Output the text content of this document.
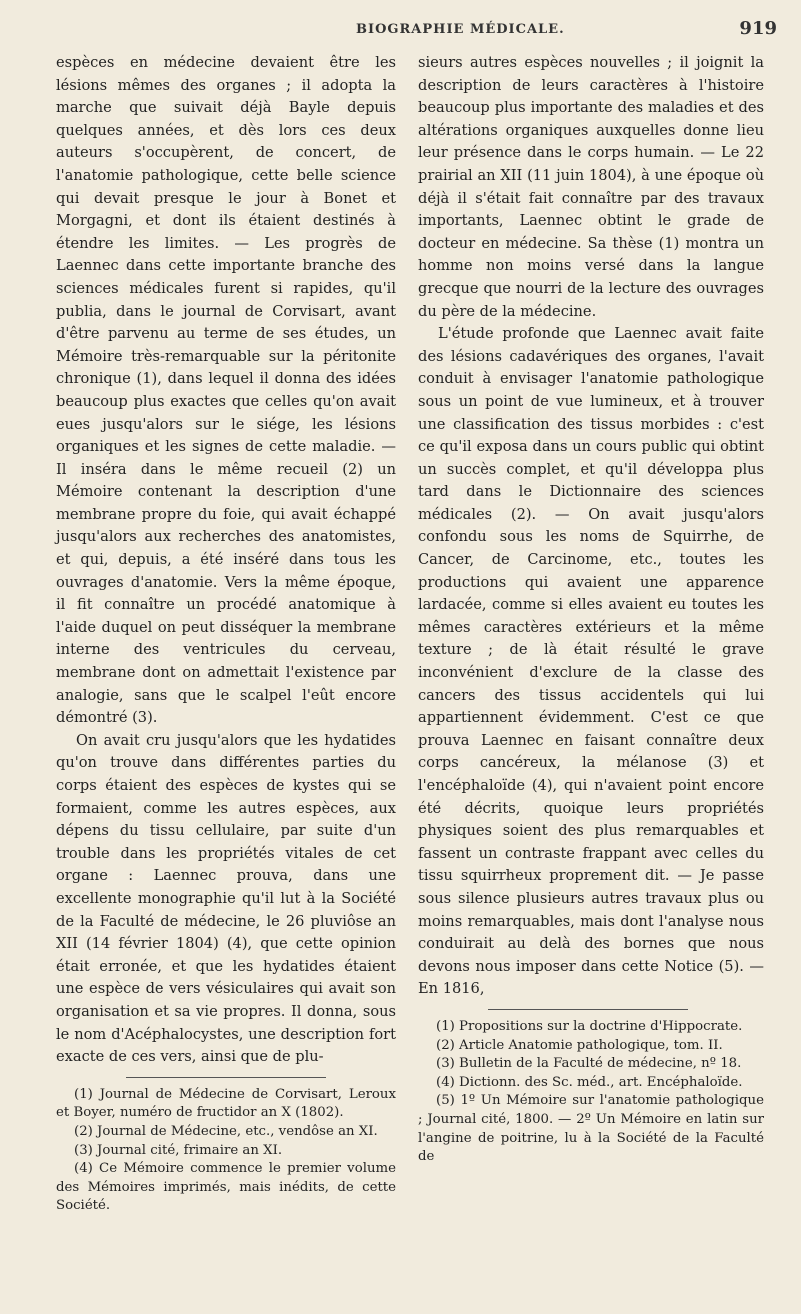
BIOGRAPHIE MÉDICALE.	919

espèces en médecine devaient être les lésions mêmes des organes ; il adopta la marche que suivait déjà Bayle depuis quelques années, et dès lors ces deux auteurs s'occupèrent, de concert, de l'anatomie pathologique, cette belle science qui devait presque le jour à Bonet et Morgagni, et dont ils étaient destinés à étendre les limites. — Les progrès de Laennec dans cette importante branche des sciences médicales furent si rapides, qu'il publia, dans le journal de Corvisart, avant d'être parvenu au terme de ses études, un Mémoire très-remarquable sur la péritonite chronique (1), dans lequel il donna des idées beaucoup plus exactes que celles qu'on avait eues jusqu'alors sur le siége, les lésions organiques et les signes de cette maladie. — Il inséra dans le même recueil (2) un Mémoire contenant la description d'une membrane propre du foie, qui avait échappé jusqu'alors aux recherches des anatomistes, et qui, depuis, a été inséré dans tous les ouvrages d'anatomie. Vers la même époque, il fit connaître un procédé anatomique à l'aide duquel on peut disséquer la membrane interne des ventricules du cerveau, membrane dont on admettait l'existence par analogie, sans que le scalpel l'eût encore démontré (3).

On avait cru jusqu'alors que les hydatides qu'on trouve dans différentes parties du corps étaient des espèces de kystes qui se formaient, comme les autres espèces, aux dépens du tissu cellulaire, par suite d'un trouble dans les propriétés vitales de cet organe : Laennec prouva, dans une excellente monographie qu'il lut à la Société de la Faculté de médecine, le 26 pluviôse an XII (14 février 1804) (4), que cette opinion était erronée, et que les hydatides étaient une espèce de vers vésiculaires qui avait son organisation et sa vie propres. Il donna, sous le nom d'Acéphalocystes, une description fort exacte de ces vers, ainsi que de plu-

(1) Journal de Médecine de Corvisart, Leroux et Boyer, numéro de fructidor an X (1802).

(2) Journal de Médecine, etc., vendôse an XI.

(3) Journal cité, frimaire an XI.

(4) Ce Mémoire commence le premier volume des Mémoires imprimés, mais inédits, de cette Société.

sieurs autres espèces nouvelles ; il joignit la description de leurs caractères à l'histoire beaucoup plus importante des maladies et des altérations organiques auxquelles donne lieu leur présence dans le corps humain. — Le 22 prairial an XII (11 juin 1804), à une époque où déjà il s'était fait connaître par des travaux importants, Laennec obtint le grade de docteur en médecine. Sa thèse (1) montra un homme non moins versé dans la langue grecque que nourri de la lecture des ouvrages du père de la médecine.

L'étude profonde que Laennec avait faite des lésions cadavériques des organes, l'avait conduit à envisager l'anatomie pathologique sous un point de vue lumineux, et à trouver une classification des tissus morbides : c'est ce qu'il exposa dans un cours public qui obtint un succès complet, et qu'il développa plus tard dans le Dictionnaire des sciences médicales (2). — On avait jusqu'alors confondu sous les noms de Squirrhe, de Cancer, de Carcinome, etc., toutes les productions qui avaient une apparence lardacée, comme si elles avaient eu toutes les mêmes caractères extérieurs et la même texture ; de là était résulté le grave inconvénient d'exclure de la classe des cancers des tissus accidentels qui lui appartiennent évidemment. C'est ce que prouva Laennec en faisant connaître deux corps cancéreux, la mélanose (3) et l'encéphaloïde (4), qui n'avaient point encore été décrits, quoique leurs propriétés physiques soient des plus remarquables et fassent un contraste frappant avec celles du tissu squirrheux proprement dit. — Je passe sous silence plusieurs autres travaux plus ou moins remarquables, mais dont l'analyse nous conduirait au delà des bornes que nous devons nous imposer dans cette Notice (5). — En 1816,

(1) Propositions sur la doctrine d'Hippocrate.

(2) Article Anatomie pathologique, tom. II.

(3) Bulletin de la Faculté de médecine, nº 18.

(4) Dictionn. des Sc. méd., art. Encéphaloïde.

(5) 1º Un Mémoire sur l'anatomie pathologique ; Journal cité, 1800. — 2º Un Mémoire en latin sur l'angine de poitrine, lu à la Société de la Faculté de
